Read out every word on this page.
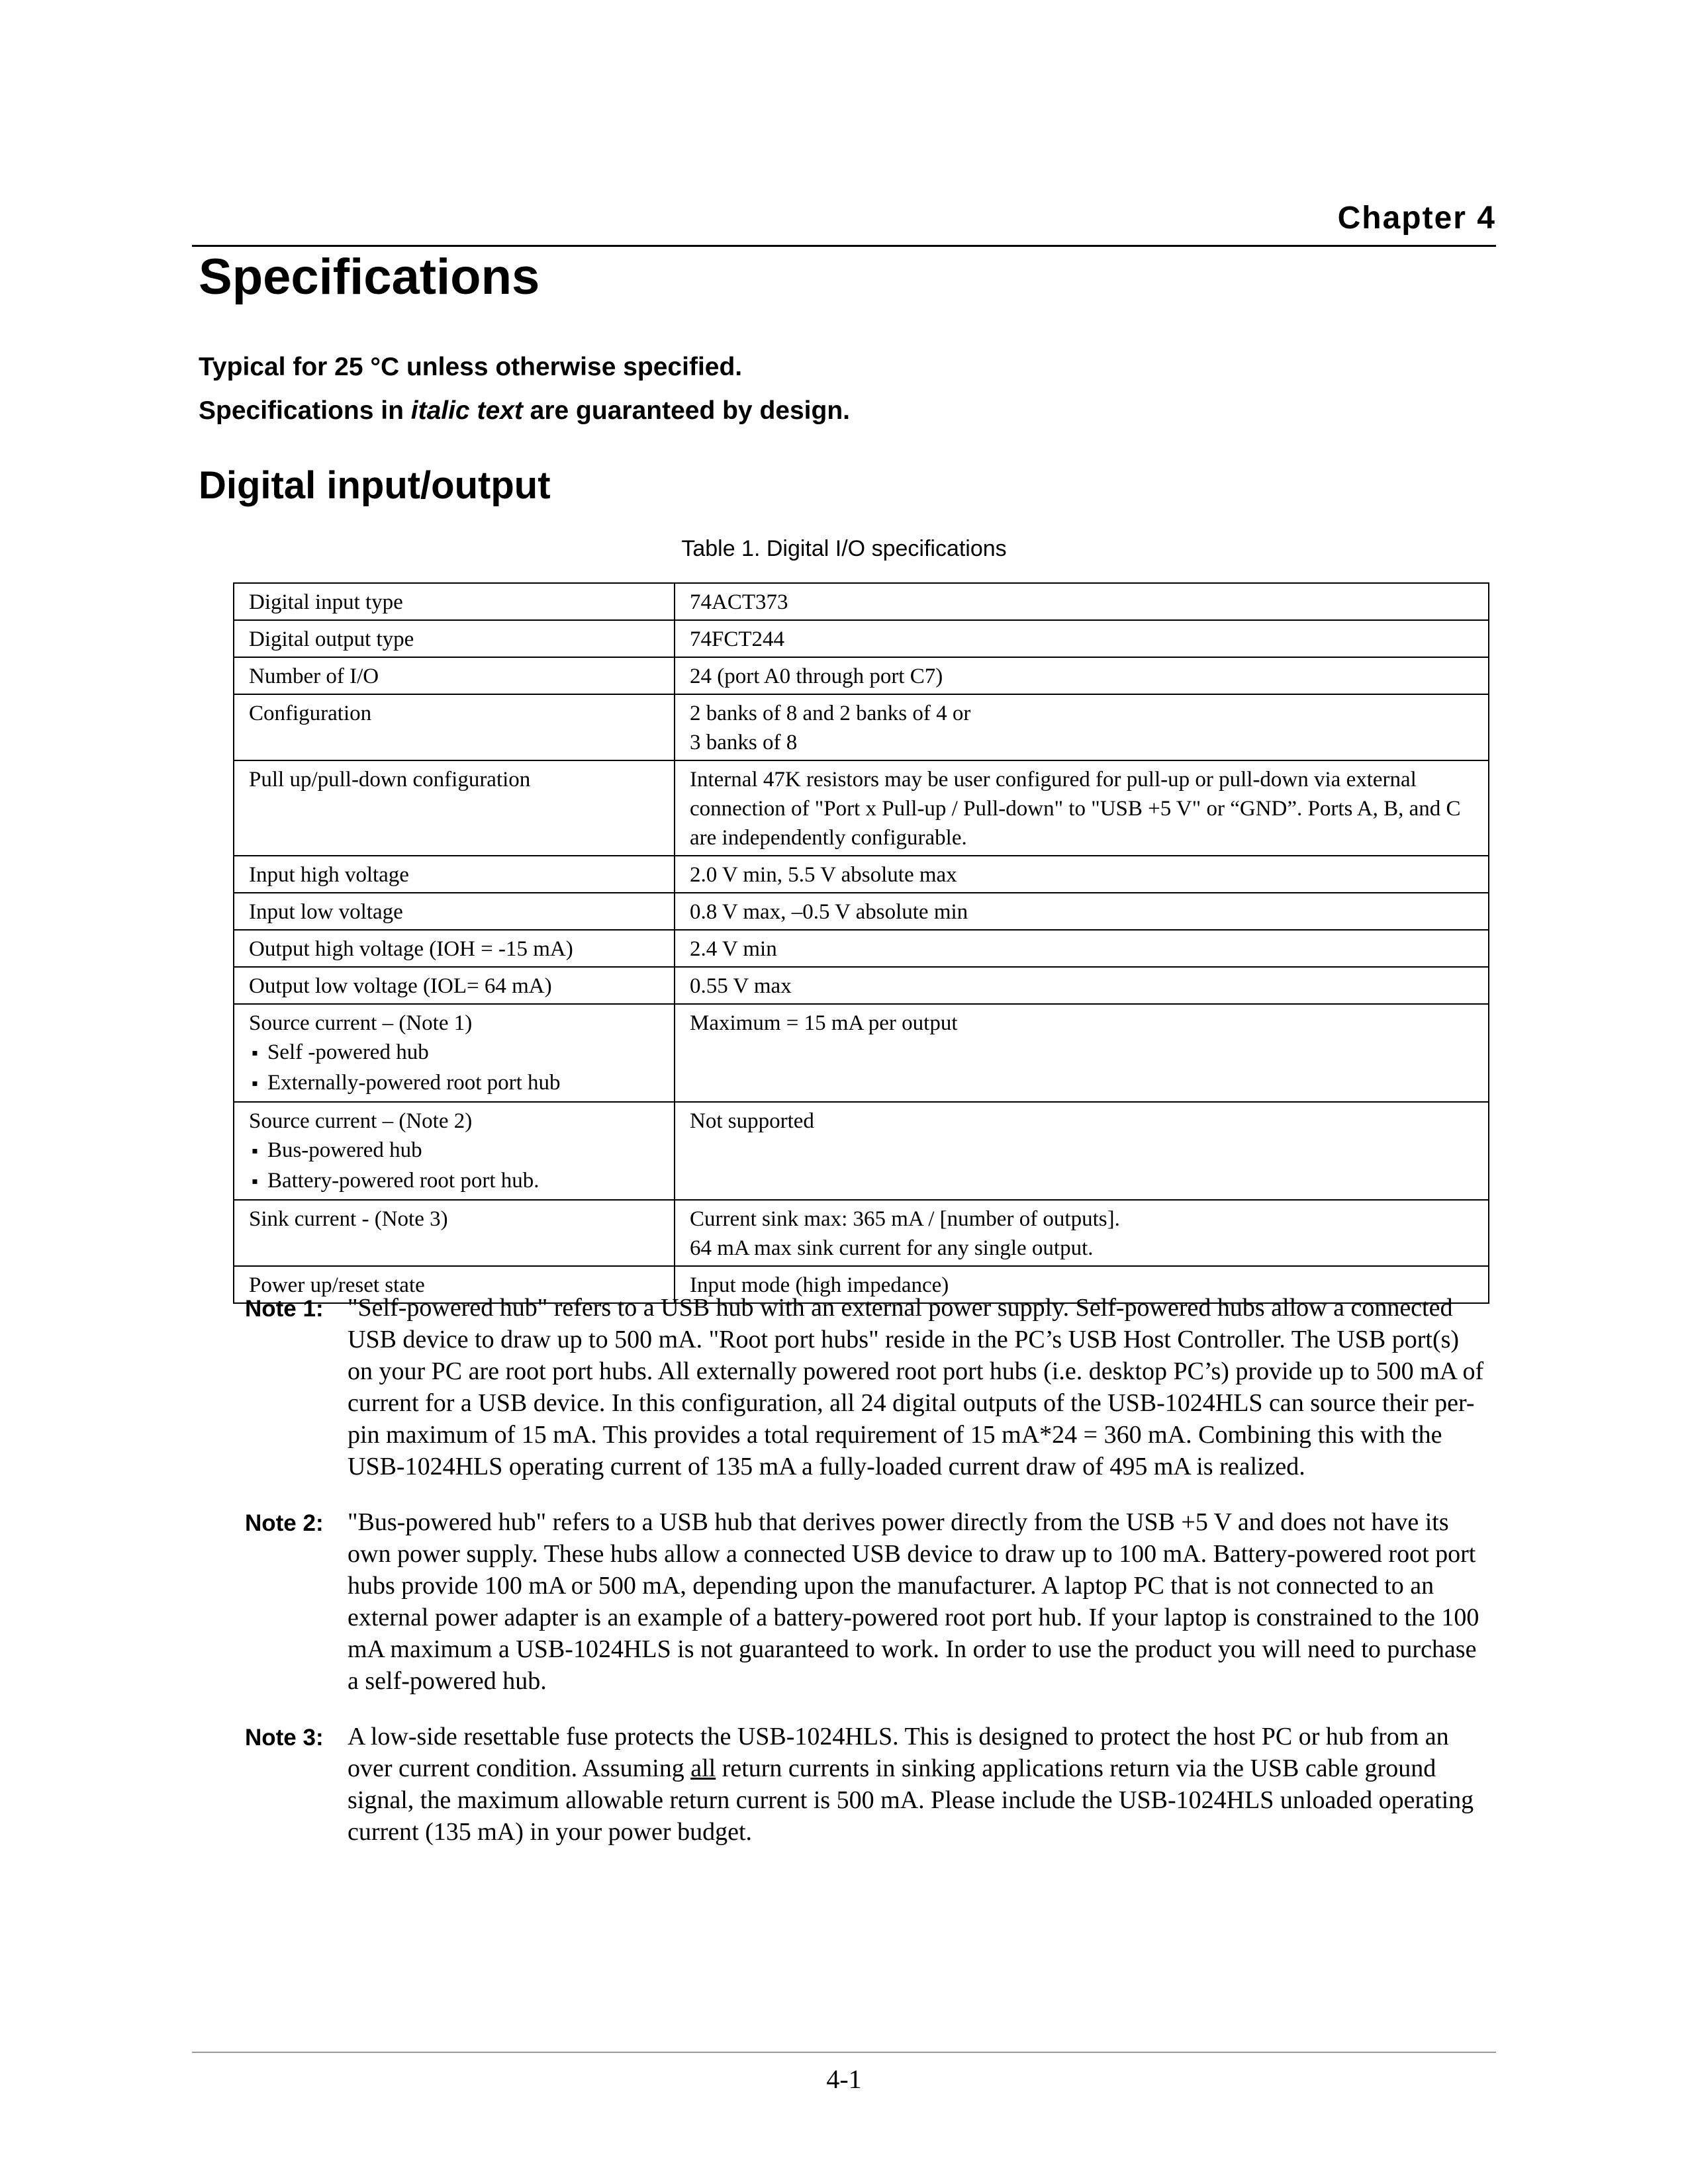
Chapter 4
Specifications
Typical for 25 °C unless otherwise specified.
Specifications in italic text are guaranteed by design.
Digital input/output
Table 1. Digital I/O specifications
Digital input type	74ACT373
Digital output type	74FCT244
Number of I/O	24 (port A0 through port C7)
Configuration	2 banks of 8 and 2 banks of 4 or
3 banks of 8

Pull up/pull-down configuration	Internal 47K resistors may be user configured for pull-up or pull-down via external connection of "Port x Pull-up / Pull-down" to "USB +5 V" or “GND”. Ports A, B, and C are independently configurable.
Input high voltage	2.0 V min, 5.5 V absolute max
Input low voltage	0.8 V max, –0.5 V absolute min
Output high voltage (IOH = -15 mA)	2.4 V min
Output low voltage (IOL= 64 mA)	0.55 V max

Source current – (Note 1)
▪ Self -powered hub
▪ Externally-powered root port hub	Maximum = 15 mA per output

Source current – (Note 2)
▪ Bus-powered hub
▪ Battery-powered root port hub.	Not supported
Sink current - (Note 3)	Current sink max: 365 mA / [number of outputs].
64 mA max sink current for any single output.

Power up/reset state	Input mode (high impedance)
Note 1: "Self-powered hub" refers to a USB hub with an external power supply. Self-powered hubs allow a connected USB device to draw up to 500 mA. "Root port hubs" reside in the PC’s USB Host Controller. The USB port(s) on your PC are root port hubs. All externally powered root port hubs (i.e. desktop PC’s) provide up to 500 mA of current for a USB device. In this configuration, all 24 digital outputs of the USB-1024HLS can source their per-pin maximum of 15 mA. This provides a total requirement of 15 mA*24 = 360 mA. Combining this with the USB-1024HLS operating current of 135 mA a fully-loaded current draw of 495 mA is realized.
Note 2: "Bus-powered hub" refers to a USB hub that derives power directly from the USB +5 V and does not have its own power supply. These hubs allow a connected USB device to draw up to 100 mA. Battery-powered root port hubs provide 100 mA or 500 mA, depending upon the manufacturer. A laptop PC that is not connected to an external power adapter is an example of a battery-powered root port hub. If your laptop is constrained to the 100 mA maximum a USB-1024HLS is not guaranteed to work. In order to use the product you will need to purchase a self-powered hub.
Note 3: A low-side resettable fuse protects the USB-1024HLS. This is designed to protect the host PC or hub from an over current condition. Assuming all return currents in sinking applications return via the USB cable ground signal, the maximum allowable return current is 500 mA. Please include the USB-1024HLS unloaded operating current (135 mA) in your power budget.
4-1
